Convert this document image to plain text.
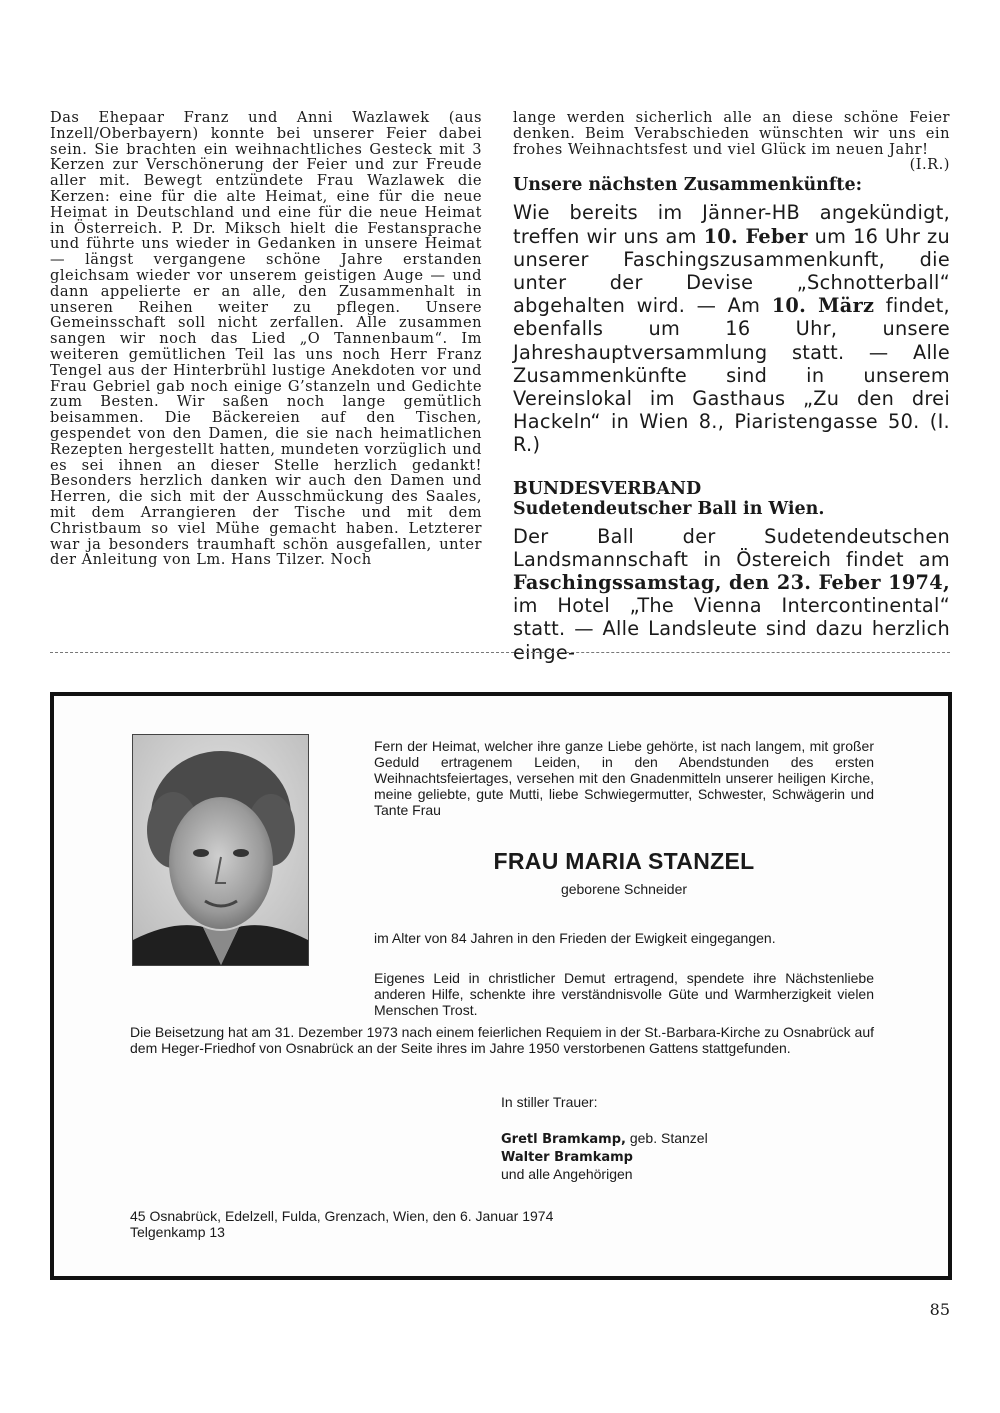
Das Ehepaar Franz und Anni Wazlawek (aus Inzell/Oberbayern) konnte bei unserer Feier dabei sein. Sie brachten ein weihnachtliches Gesteck mit 3 Kerzen zur Verschönerung der Feier und zur Freude aller mit. Bewegt entzündete Frau Wazlawek die Kerzen: eine für die alte Heimat, eine für die neue Heimat in Deutschland und eine für die neue Heimat in Österreich. P. Dr. Miksch hielt die Festansprache und führte uns wieder in Gedanken in unsere Heimat — längst vergangene schöne Jahre erstanden gleichsam wieder vor unserem geistigen Auge — und dann appelierte er an alle, den Zusammenhalt in unseren Reihen weiter zu pflegen. Unsere Gemeinsschaft soll nicht zerfallen. Alle zusammen sangen wir noch das Lied „O Tannenbaum“. Im weiteren gemütlichen Teil las uns noch Herr Franz Tengel aus der Hinterbrühl lustige Anekdoten vor und Frau Gebriel gab noch einige G’stanzeln und Gedichte zum Besten. Wir saßen noch lange gemütlich beisammen. Die Bäckereien auf den Tischen, gespendet von den Damen, die sie nach heimatlichen Rezepten hergestellt hatten, mundeten vorzüglich und es sei ihnen an dieser Stelle herzlich gedankt! Besonders herzlich danken wir auch den Damen und Herren, die sich mit der Ausschmückung des Saales, mit dem Arrangieren der Tische und mit dem Christbaum so viel Mühe gemacht haben. Letzterer war ja besonders traumhaft schön ausgefallen, unter der Anleitung von Lm. Hans Tilzer. Noch
lange werden sicherlich alle an diese schöne Feier denken. Beim Verabschieden wünschten wir uns ein frohes Weihnachtsfest und viel Glück im neuen Jahr!
(I.R.)
Unsere nächsten Zusammenkünfte:
Wie bereits im Jänner-HB angekündigt, treffen wir uns am 10. Feber um 16 Uhr zu unserer Faschingszusammenkunft, die unter der Devise „Schnotterball“ abgehalten wird. — Am 10. März findet, ebenfalls um 16 Uhr, unsere Jahreshauptversammlung statt. — Alle Zusammenkünfte sind in unserem Vereinslokal im Gasthaus „Zu den drei Hackeln“ in Wien 8., Piaristengasse 50. (I. R.)
BUNDESVERBAND
Sudetendeutscher Ball in Wien.
Der Ball der Sudetendeutschen Landsmannschaft in Östereich findet am Faschingssamstag, den 23. Feber 1974, im Hotel „The Vienna Intercontinental“ statt. — Alle Landsleute sind dazu herzlich einge-
Fern der Heimat, welcher ihre ganze Liebe gehörte, ist nach langem, mit großer Geduld ertragenem Leiden, in den Abendstunden des ersten Weihnachtsfeiertages, versehen mit den Gnadenmitteln unserer heiligen Kirche, meine geliebte, gute Mutti, liebe Schwiegermutter, Schwester, Schwägerin und Tante Frau
FRAU MARIA STANZEL
geborene Schneider
im Alter von 84 Jahren in den Frieden der Ewigkeit eingegangen.
Eigenes Leid in christlicher Demut ertragend, spendete ihre Nächstenliebe anderen Hilfe, schenkte ihre verständnisvolle Güte und Warmherzigkeit vielen Menschen Trost.
Die Beisetzung hat am 31. Dezember 1973 nach einem feierlichen Requiem in der St.-Barbara-Kirche zu Osnabrück auf dem Heger-Friedhof von Osnabrück an der Seite ihres im Jahre 1950 verstorbenen Gattens stattgefunden.
In stiller Trauer:
Gretl Bramkamp, geb. Stanzel
Walter Bramkamp
und alle Angehörigen
45 Osnabrück, Edelzell, Fulda, Grenzach, Wien, den 6. Januar 1974
Telgenkamp 13
85
